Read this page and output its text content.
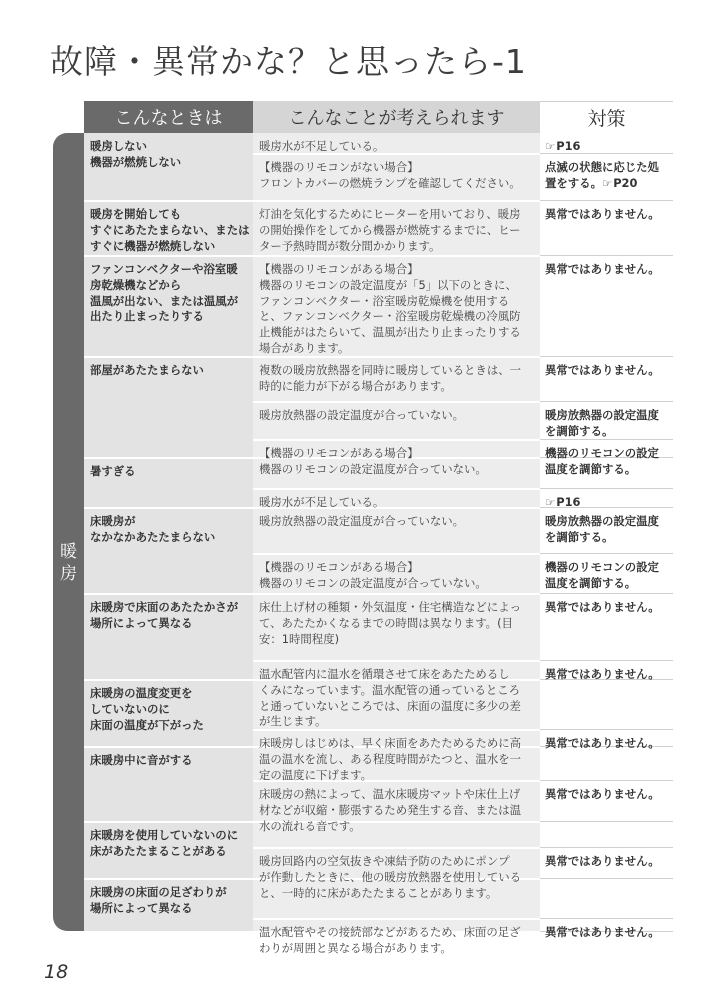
故障・異常かな？と思ったら-1
暖
房
こんなときは	こんなことが考えられます	対策
暖房しない
機器が燃焼しない
暖房を開始しても
すぐにあたたまらない、または
すぐに機器が燃焼しない
ファンコンベクターや浴室暖
房乾燥機などから
温風が出ない、または温風が
出たり止まったりする
部屋があたたまらない
暑すぎる
床暖房が
なかなかあたたまらない
床暖房で床面のあたたかさが
場所によって異なる
床暖房の温度変更を
していないのに
床面の温度が下がった
床暖房中に音がする
床暖房を使用していないのに
床があたたまることがある
床暖房の床面の足ざわりが
場所によって異なる
暖房水が不足している。
【機器のリモコンがない場合】
フロントカバーの燃焼ランプを確認してください。
灯油を気化するためにヒーターを用いており、暖房
の開始操作をしてから機器が燃焼するまでに、ヒー
ター予熱時間が数分間かかります。
【機器のリモコンがある場合】
機器のリモコンの設定温度が「5」以下のときに、
ファンコンベクター・浴室暖房乾燥機を使用する
と、ファンコンベクター・浴室暖房乾燥機の冷風防
止機能がはたらいて、温風が出たり止まったりする
場合があります。
複数の暖房放熱器を同時に暖房しているときは、一
時的に能力が下がる場合があります。
暖房放熱器の設定温度が合っていない。
【機器のリモコンがある場合】
機器のリモコンの設定温度が合っていない。
暖房水が不足している。
暖房放熱器の設定温度が合っていない。
【機器のリモコンがある場合】
機器のリモコンの設定温度が合っていない。
床仕上げ材の種類・外気温度・住宅構造などによっ
て、あたたかくなるまでの時間は異なります。(目
安：1時間程度)
温水配管内に温水を循環させて床をあたためるし
くみになっています。温水配管の通っているところ
と通っていないところでは、床面の温度に多少の差
が生じます。
床暖房しはじめは、早く床面をあたためるために高
温の温水を流し、ある程度時間がたつと、温水を一
定の温度に下げます。
床暖房の熱によって、温水床暖房マットや床仕上げ
材などが収縮・膨張するため発生する音、または温
水の流れる音です。
暖房回路内の空気抜きや凍結予防のためにポンプ
が作動したときに、他の暖房放熱器を使用している
と、一時的に床があたたまることがあります。
温水配管やその接続部などがあるため、床面の足ざ
わりが周囲と異なる場合があります。
☞P16
点滅の状態に応じた処
置をする。☞P20
異常ではありません。
異常ではありません。
異常ではありません。
暖房放熱器の設定温度
を調節する。
機器のリモコンの設定
温度を調節する。
☞P16
暖房放熱器の設定温度
を調節する。
機器のリモコンの設定
温度を調節する。
異常ではありません。
異常ではありません。
異常ではありません。
異常ではありません。
異常ではありません。
異常ではありません。
18
